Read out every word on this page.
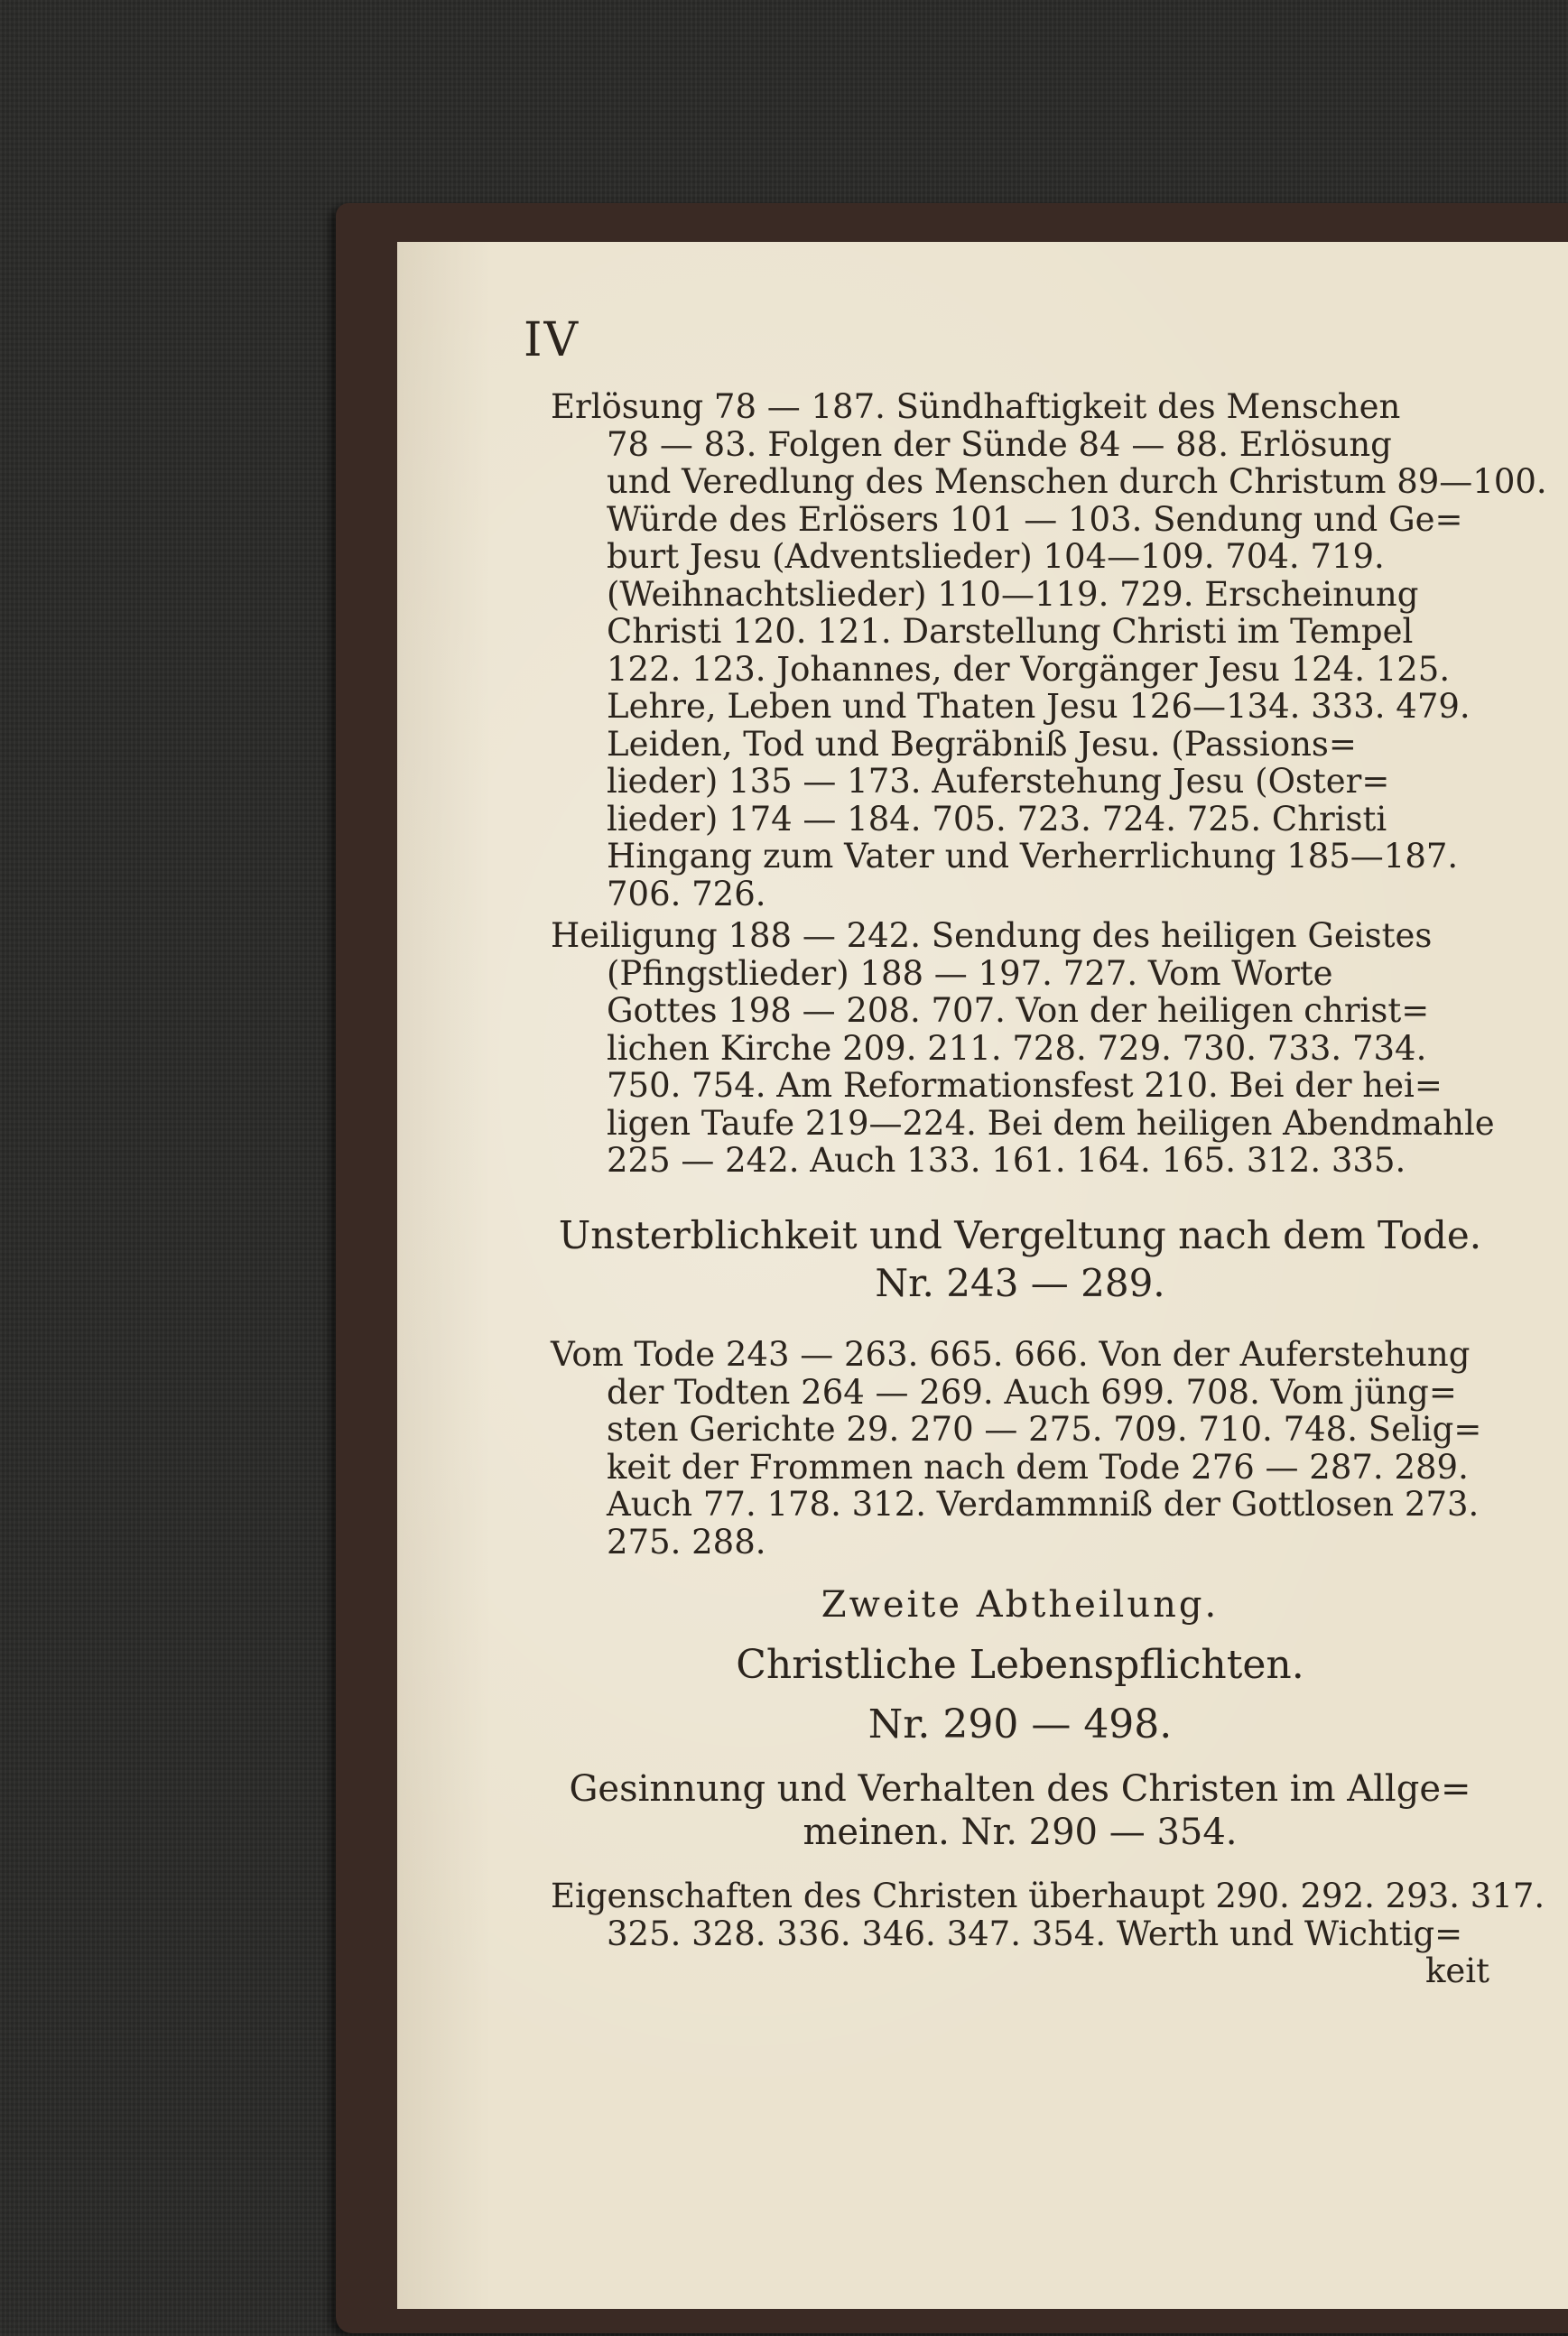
IV
Erlösung 78 — 187. Sündhaftigkeit des Menschen
78 — 83. Folgen der Sünde 84 — 88. Erlösung
und Veredlung des Menschen durch Christum 89—100.
Würde des Erlösers 101 — 103. Sendung und Ge=
burt Jesu (Adventslieder) 104—109. 704. 719.
(Weihnachtslieder) 110—119. 729. Erscheinung
Christi 120. 121. Darstellung Christi im Tempel
122. 123. Johannes, der Vorgänger Jesu 124. 125.
Lehre, Leben und Thaten Jesu 126—134. 333. 479.
Leiden, Tod und Begräbniß Jesu. (Passions=
lieder) 135 — 173. Auferstehung Jesu (Oster=
lieder) 174 — 184. 705. 723. 724. 725. Christi
Hingang zum Vater und Verherrlichung 185—187.
706. 726.
Heiligung 188 — 242. Sendung des heiligen Geistes
(Pfingstlieder) 188 — 197. 727. Vom Worte
Gottes 198 — 208. 707. Von der heiligen christ=
lichen Kirche 209. 211. 728. 729. 730. 733. 734.
750. 754. Am Reformationsfest 210. Bei der hei=
ligen Taufe 219—224. Bei dem heiligen Abendmahle
225 — 242. Auch 133. 161. 164. 165. 312. 335.
Unsterblichkeit und Vergeltung nach dem Tode.
Nr. 243 — 289.
Vom Tode 243 — 263. 665. 666. Von der Auferstehung
der Todten 264 — 269. Auch 699. 708. Vom jüng=
sten Gerichte 29. 270 — 275. 709. 710. 748. Selig=
keit der Frommen nach dem Tode 276 — 287. 289.
Auch 77. 178. 312. Verdammniß der Gottlosen 273.
275. 288.
Zweite Abtheilung.
Christliche Lebenspflichten.
Nr. 290 — 498.
Gesinnung und Verhalten des Christen im Allge=
meinen. Nr. 290 — 354.
Eigenschaften des Christen überhaupt 290. 292. 293. 317.
325. 328. 336. 346. 347. 354. Werth und Wichtig=
keit
